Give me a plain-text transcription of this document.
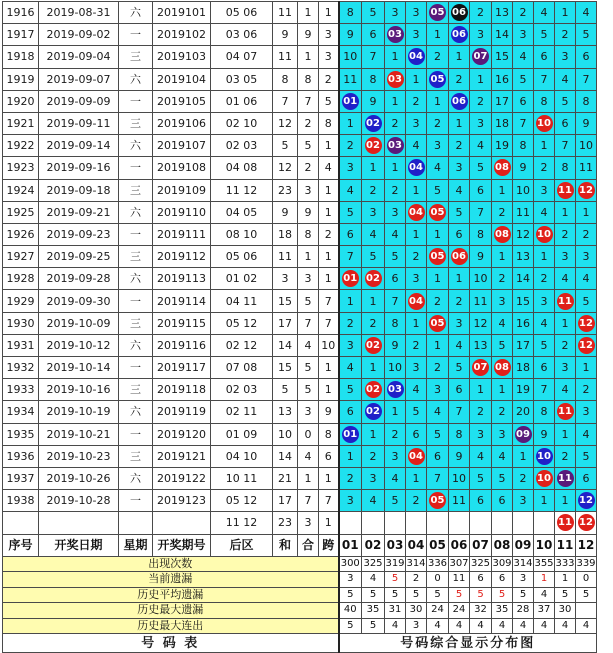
1916	2019-08-31	六	2019101	05 06	11	1	1	8	5	3	3	05	06	2	13	2	4	1	4
1917	2019-09-02	一	2019102	03 06	9	9	3	9	6	03	3	1	06	3	14	3	5	2	5
1918	2019-09-04	三	2019103	04 07	11	1	3	10	7	1	04	2	1	07	15	4	6	3	6
1919	2019-09-07	六	2019104	03 05	8	8	2	11	8	03	1	05	2	1	16	5	7	4	7
1920	2019-09-09	一	2019105	01 06	7	7	5	01	9	1	2	1	06	2	17	6	8	5	8
1921	2019-09-11	三	2019106	02 10	12	2	8	1	02	2	3	2	1	3	18	7	10	6	9
1922	2019-09-14	六	2019107	02 03	5	5	1	2	02	03	4	3	2	4	19	8	1	7	10
1923	2019-09-16	一	2019108	04 08	12	2	4	3	1	1	04	4	3	5	08	9	2	8	11
1924	2019-09-18	三	2019109	11 12	23	3	1	4	2	2	1	5	4	6	1	10	3	11	12
1925	2019-09-21	六	2019110	04 05	9	9	1	5	3	3	04	05	5	7	2	11	4	1	1
1926	2019-09-23	一	2019111	08 10	18	8	2	6	4	4	1	1	6	8	08	12	10	2	2
1927	2019-09-25	三	2019112	05 06	11	1	1	7	5	5	2	05	06	9	1	13	1	3	3
1928	2019-09-28	六	2019113	01 02	3	3	1	01	02	6	3	1	1	10	2	14	2	4	4
1929	2019-09-30	一	2019114	04 11	15	5	7	1	1	7	04	2	2	11	3	15	3	11	5
1930	2019-10-09	三	2019115	05 12	17	7	7	2	2	8	1	05	3	12	4	16	4	1	12
1931	2019-10-12	六	2019116	02 12	14	4	10	3	02	9	2	1	4	13	5	17	5	2	12
1932	2019-10-14	一	2019117	07 08	15	5	1	4	1	10	3	2	5	07	08	18	6	3	1
1933	2019-10-16	三	2019118	02 03	5	5	1	5	02	03	4	3	6	1	1	19	7	4	2
1934	2019-10-19	六	2019119	02 11	13	3	9	6	02	1	5	4	7	2	2	20	8	11	3
1935	2019-10-21	一	2019120	01 09	10	0	8	01	1	2	6	5	8	3	3	09	9	1	4
1936	2019-10-23	三	2019121	04 10	14	4	6	1	2	3	04	6	9	4	4	1	10	2	5
1937	2019-10-26	六	2019122	10 11	21	1	1	2	3	4	1	7	10	5	5	2	10	11	6
1938	2019-10-28	一	2019123	05 12	17	7	7	3	4	5	2	05	11	6	6	3	1	1	12
				11 12	23	3	1											11	12
序号	开奖日期	星期	开奖期号	后区	和	合	跨	01	02	03	04	05	06	07	08	09	10	11	12
出现次数								300	325	319	314	336	307	325	309	314	355	333	339
当前遗漏								3	4	5	2	0	11	6	6	3	1	1	0
历史平均遗漏								5	5	5	5	5	5	5	5	5	4	5	5
历史最大遗漏								40	35	31	30	24	24	32	35	28	37	30	
历史最大连出								5	5	4	3	4	4	4	4	4	4	4	4
号 码 表								号码综合显示分布图											
